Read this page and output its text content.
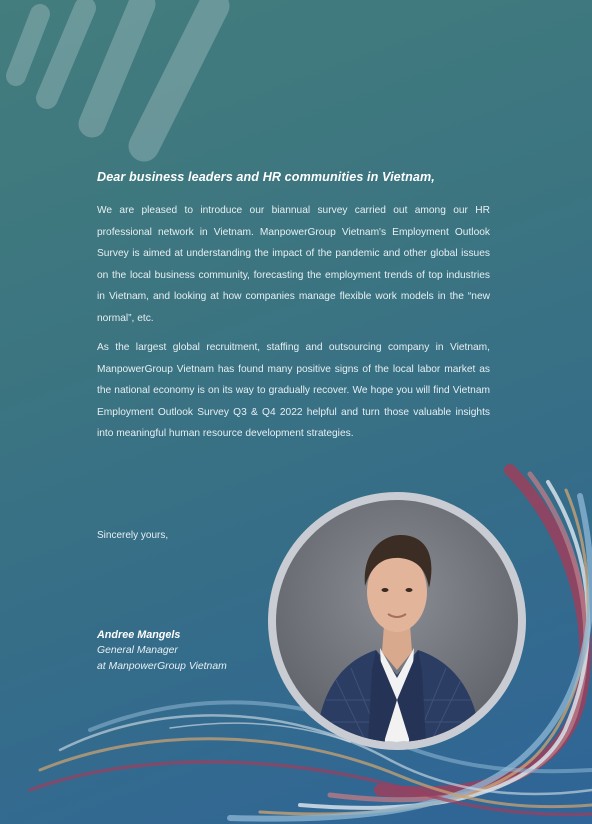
Dear business leaders and HR communities in Vietnam,

We are pleased to introduce our biannual survey carried out among our HR professional network in Vietnam. ManpowerGroup Vietnam's Employment Outlook Survey is aimed at understanding the impact of the pandemic and other global issues on the local business community, forecasting the employment trends of top industries in Vietnam, and looking at how companies manage flexible work models in the “new normal”, etc.

As the largest global recruitment, staffing and outsourcing company in Vietnam, ManpowerGroup Vietnam has found many positive signs of the local labor market as the national economy is on its way to gradually recover. We hope you will find Vietnam Employment Outlook Survey Q3 & Q4 2022 helpful and turn those valuable insights into meaningful human resource development strategies.

Sincerely yours,

Andree Mangels

General Manager

at ManpowerGroup Vietnam
